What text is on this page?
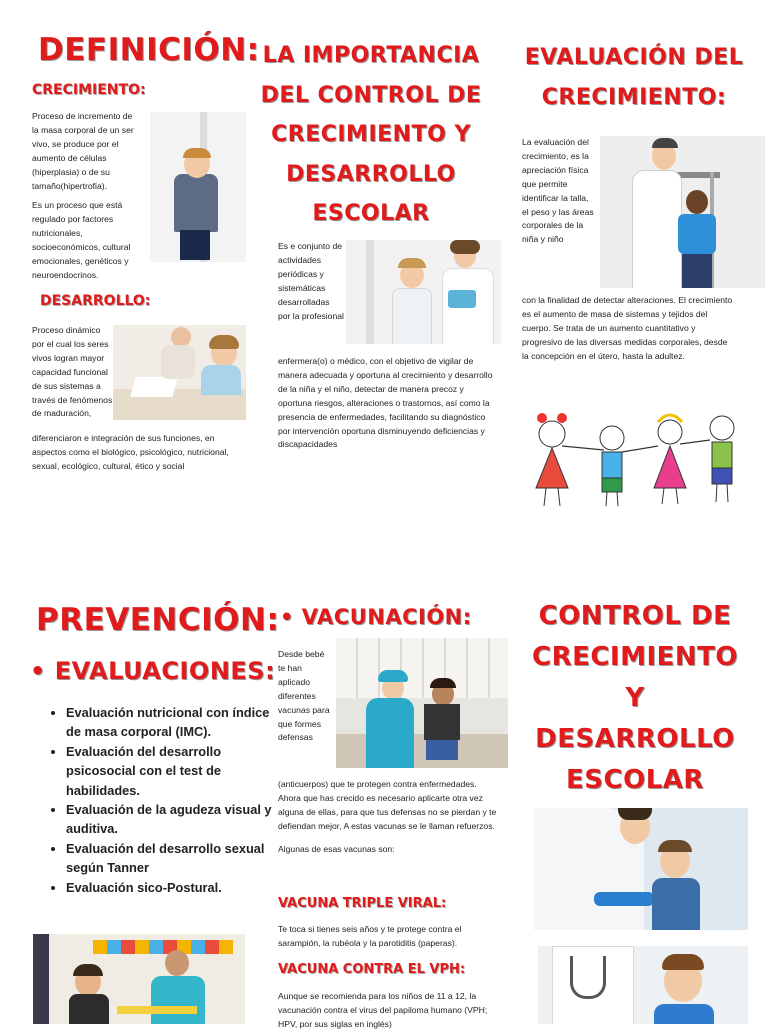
DEFINICIÓN:
CRECIMIENTO:

Proceso de incremento de la masa corporal de un ser vivo, se produce por el aumento de células (hiperplasia) o de su tamaño(hipertrofia).

Es un proceso que está regulado por factores nutricionales, socioeconómicos, cultural emocionales, genéticos y neuroendocrinos.

DESARROLLO:
Proceso dinámico por el cual los seres vivos logran mayor capacidad funcional de sus sistemas a través de fenómenos de maduración,
diferenciaron e integración de sus funciones, en aspectos como el biológico, psicológico, nutricional, sexual, ecológico, cultural, ético y social
LA IMPORTANCIA
DEL CONTROL DE
CRECIMIENTO Y
DESARROLLO
ESCOLAR
Es e conjunto de actividades periódicas y sistemáticas desarrolladas por la profesional
enfermera(o) o médico, con el objetivo de vigilar de manera adecuada y oportuna al crecimiento y desarrollo de la niña y el niño, detectar de manera precoz y oportuna riesgos, alteraciones o trastornos, así como la presencia de enfermedades, facilitando su diagnóstico por intervención oportuna disminuyendo deficiencias y discapacidades
EVALUACIÓN DEL
CRECIMIENTO:
La evaluación del crecimiento, es la apreciación física que permite identificar la talla, el peso y las áreas corporales de la niña y niño
con la finalidad de detectar alteraciones. El crecimiento es el aumento de masa de sistemas y tejidos del cuerpo. Se trata de un aumento cuantitativo y progresivo de las diversas medidas corporales, desde la concepción en el útero, hasta la adultez.
PREVENCIÓN:
• EVALUACIONES:
• Evaluación nutricional con índice de masa corporal (IMC).
• Evaluación del desarrollo psicosocial con el test de habilidades.
• Evaluación de la agudeza visual y auditiva.
• Evaluación del desarrollo sexual según Tanner
• Evaluación sico-Postural.
• VACUNACIÓN:
Desde bebé te han aplicado diferentes vacunas para que formes defensas

(anticuerpos) que te protegen contra enfermedades. Ahora que has crecido es necesario aplicarte otra vez alguna de ellas, para que tus defensas no se pierdan y te defiendan mejor, A estas vacunas se le llaman refuerzos.

Algunas de esas vacunas son:

VACUNA TRIPLE VIRAL:
Te toca si tienes seis años y te protege contra el sarampión, la rubéola y la parotiditis (paperas).
VACUNA CONTRA EL VPH:
Aunque se recomienda para los niños de 11 a 12, la vacunación contra el virus del papiloma humano (VPH; HPV, por sus siglas en inglés)
CONTROL DE
CRECIMIENTO
Y
DESARROLLO
ESCOLAR
